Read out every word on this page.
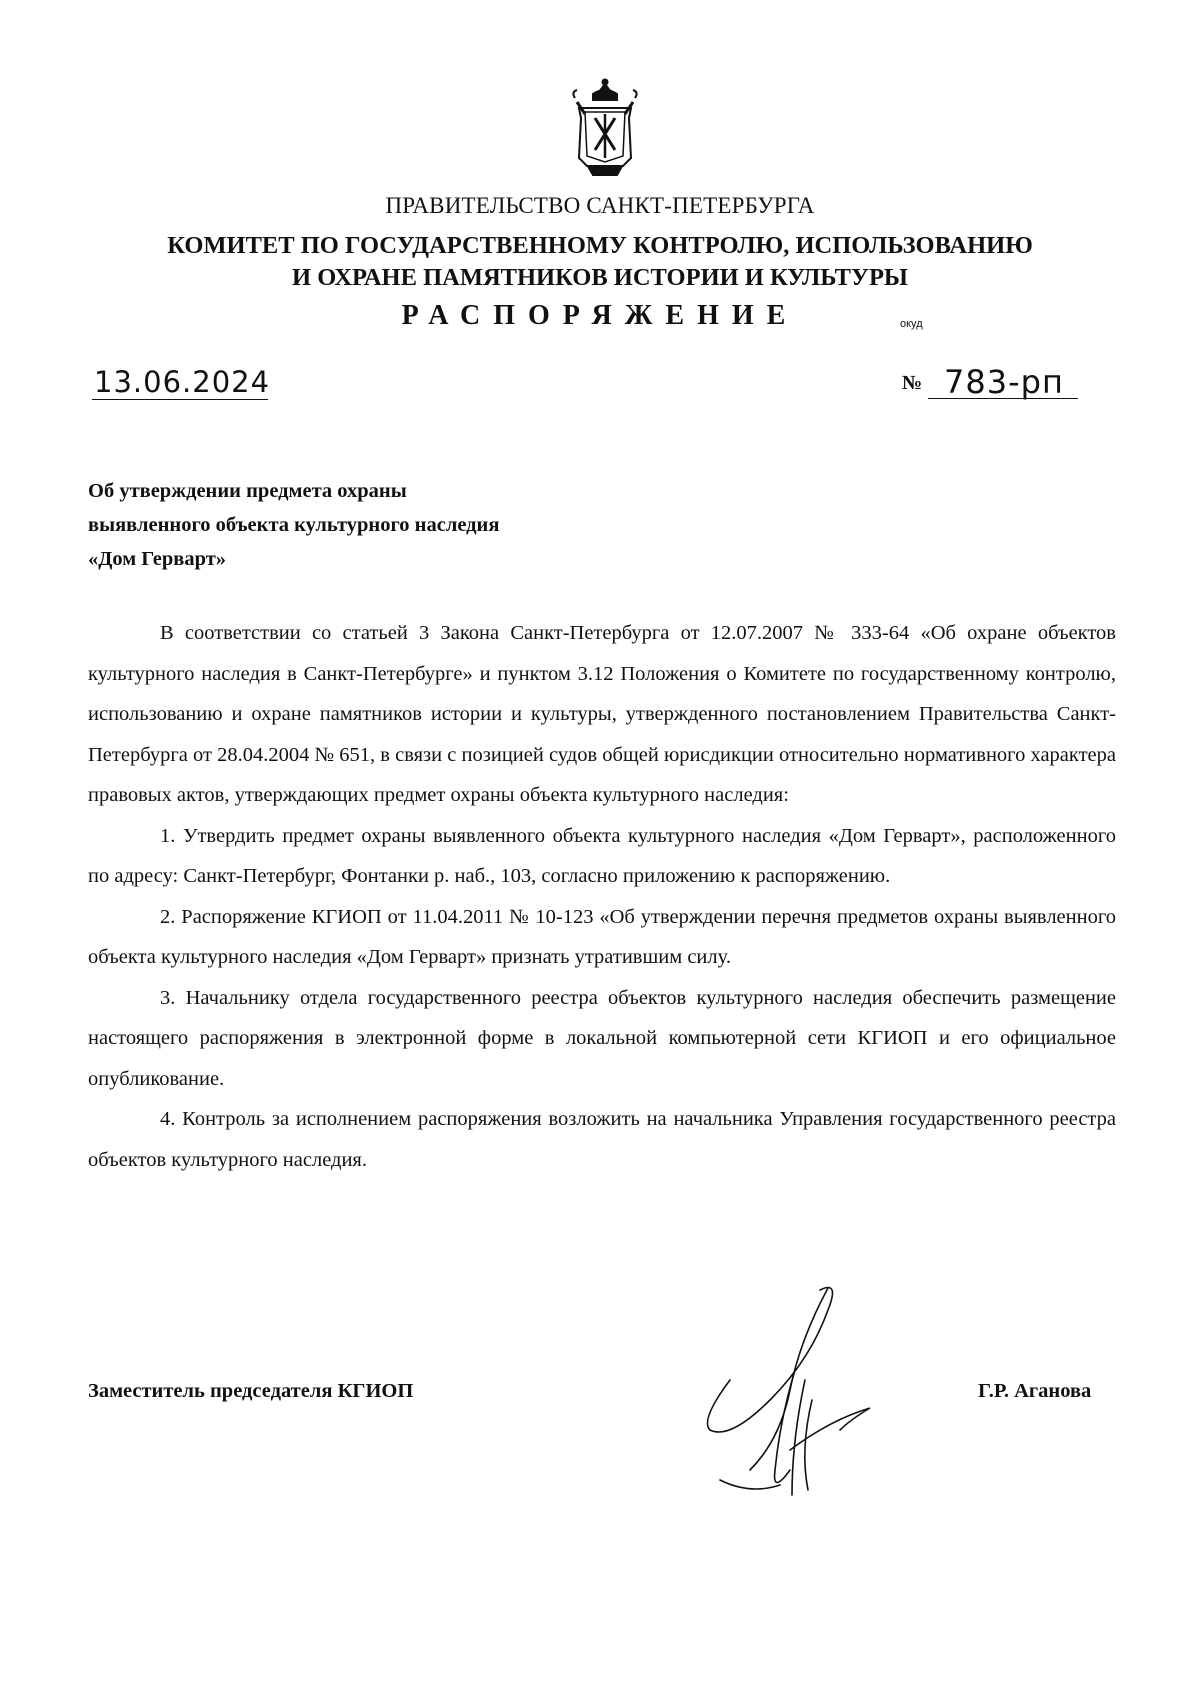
ПРАВИТЕЛЬСТВО САНКТ-ПЕТЕРБУРГА
КОМИТЕТ ПО ГОСУДАРСТВЕННОМУ КОНТРОЛЮ, ИСПОЛЬЗОВАНИЮ
И ОХРАНЕ ПАМЯТНИКОВ ИСТОРИИ И КУЛЬТУРЫ
РАСПОРЯЖЕНИЕ	окуд
13.06.2024	№ 783-рп
Об утверждении предмета охраны
выявленного объекта культурного наследия
«Дом Герварт»

В соответствии со статьей 3 Закона Санкт-Петербурга от 12.07.2007 № 333-64 «Об охране объектов культурного наследия в Санкт-Петербурге» и пунктом 3.12 Положения о Комитете по государственному контролю, использованию и охране памятников истории и культуры, утвержденного постановлением Правительства Санкт-Петербурга от 28.04.2004 № 651, в связи с позицией судов общей юрисдикции относительно нормативного характера правовых актов, утверждающих предмет охраны объекта культурного наследия:

1. Утвердить предмет охраны выявленного объекта культурного наследия «Дом Герварт», расположенного по адресу: Санкт-Петербург, Фонтанки р. наб., 103, согласно приложению к распоряжению.

2. Распоряжение КГИОП от 11.04.2011 № 10-123 «Об утверждении перечня предметов охраны выявленного объекта культурного наследия «Дом Герварт» признать утратившим силу.

3. Начальнику отдела государственного реестра объектов культурного наследия обеспечить размещение настоящего распоряжения в электронной форме в локальной компьютерной сети КГИОП и его официальное опубликование.

4. Контроль за исполнением распоряжения возложить на начальника Управления государственного реестра объектов культурного наследия.

Заместитель председателя КГИОП	Г.Р. Аганова
